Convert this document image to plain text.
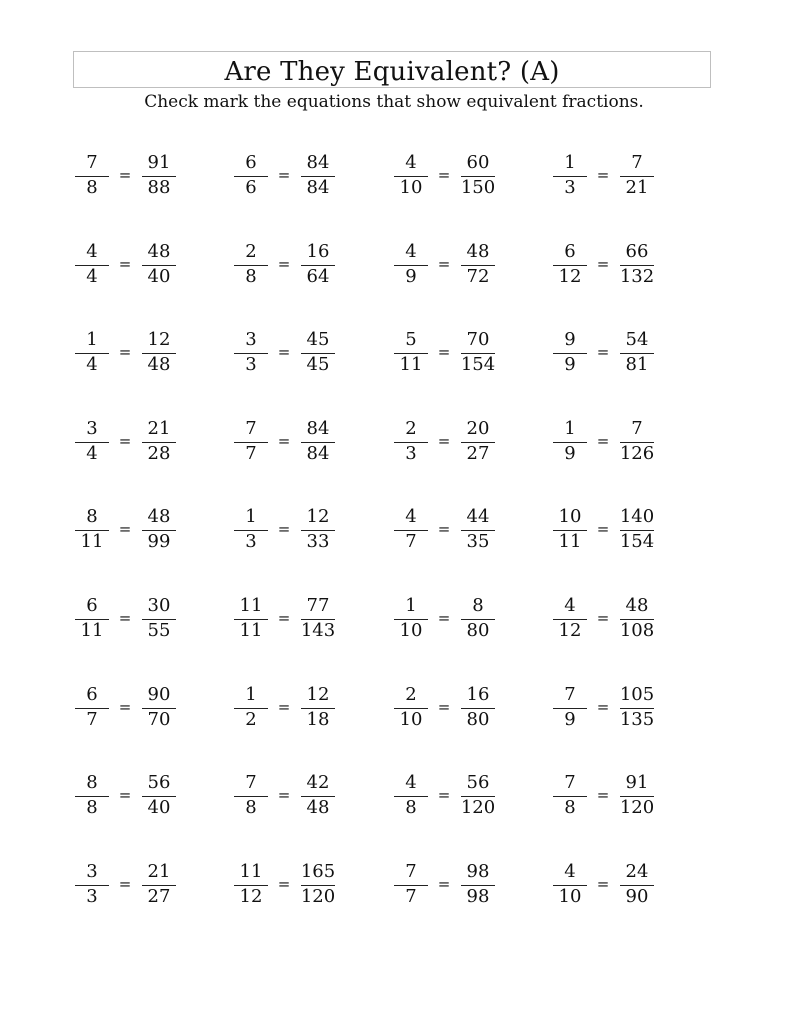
Are They Equivalent? (A)
Check mark the equations that show equivalent fractions.
7
8
=
91
88
6
6
=
84
84
4
10
=
60
150
1
3
=
7
21
4
4
=
48
40
2
8
=
16
64
4
9
=
48
72
6
12
=
66
132
1
4
=
12
48
3
3
=
45
45
5
11
=
70
154
9
9
=
54
81
3
4
=
21
28
7
7
=
84
84
2
3
=
20
27
1
9
=
7
126
8
11
=
48
99
1
3
=
12
33
4
7
=
44
35
10
11
=
140
154
6
11
=
30
55
11
11
=
77
143
1
10
=
8
80
4
12
=
48
108
6
7
=
90
70
1
2
=
12
18
2
10
=
16
80
7
9
=
105
135
8
8
=
56
40
7
8
=
42
48
4
8
=
56
120
7
8
=
91
120
3
3
=
21
27
11
12
=
165
120
7
7
=
98
98
4
10
=
24
90
